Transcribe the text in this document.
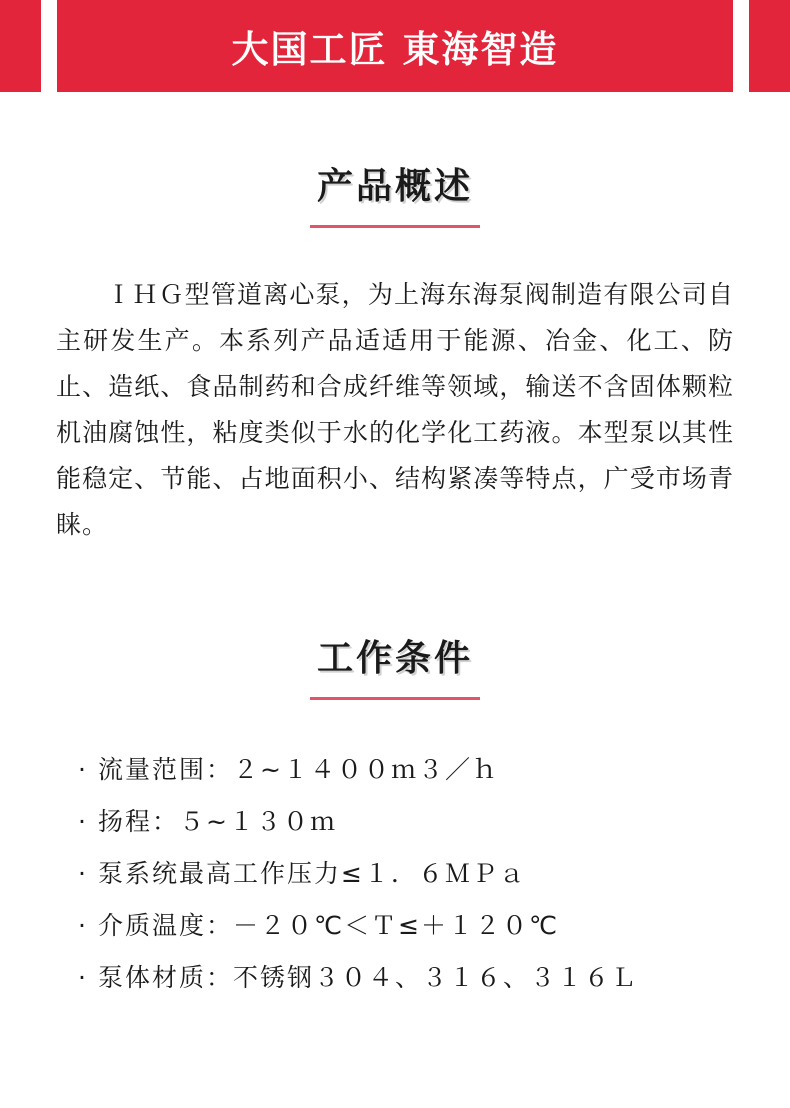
大国工匠 東海智造
产品概述
ＩＨＧ型管道离心泵，为上海东海泵阀制造有限公司自主研发生产。本系列产品适适用于能源、冶金、化工、防止、造纸、食品制药和合成纤维等领域，输送不含固体颗粒机油腐蚀性，粘度类似于水的化学化工药液。本型泵以其性能稳定、节能、占地面积小、结构紧凑等特点，广受市场青睐。
工作条件
· 流量范围：２~１４００ｍ３／ｈ
· 扬程：５~１３０ｍ
· 泵系统最高工作压力≤１．６ＭＰａ
· 介质温度：－２０℃＜Ｔ≤＋１２０℃
· 泵体材质：不锈钢３０４、３１６、３１６Ｌ
